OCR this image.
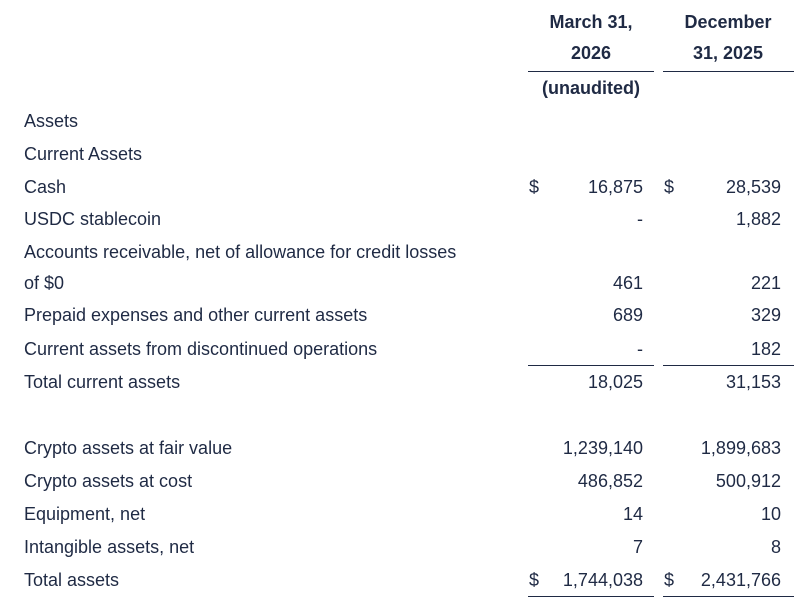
March 31,
2026
December
31, 2025
(unaudited)
Assets
Current Assets
Cash	$	16,875 $	28,539
USDC stablecoin	-	1,882
Accounts receivable, net of allowance for credit losses
of $0	461	221
Prepaid expenses and other current assets	689	329
Current assets from discontinued operations	-	182
Total current assets	18,025	31,153
Crypto assets at fair value	1,239,140	1,899,683
Crypto assets at cost	486,852	500,912
Equipment, net	14	10
Intangible assets, net	7	8
Total assets	$ 1,744,038 $ 2,431,766
